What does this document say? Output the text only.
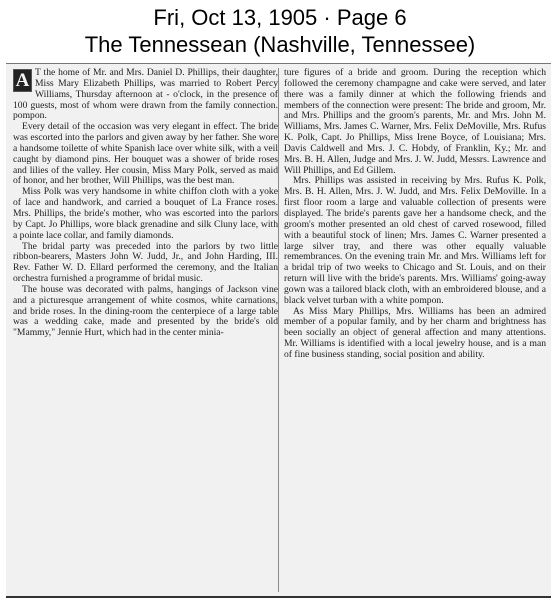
Fri, Oct 13, 1905 · Page 6
The Tennessean (Nashville, Tennessee)

A T the home of Mr. and Mrs. Daniel D. Phillips, their daughter, Miss Mary Elizabeth Phillips, was married to Robert Percy Williams, Thursday afternoon at - o'clock, in the presence of 100 guests, most of whom were drawn from the family connection. pompon.

Every detail of the occasion was very elegant in effect. The bride was escorted into the parlors and given away by her father. She wore a handsome toilette of white Spanish lace over white silk, with a veil caught by diamond pins. Her bouquet was a shower of bride roses and lilies of the valley. Her cousin, Miss Mary Polk, served as maid of honor, and her brother, Will Phillips, was the best man.

Miss Polk was very handsome in white chiffon cloth with a yoke of lace and handwork, and carried a bouquet of La France roses. Mrs. Phillips, the bride's mother, who was escorted into the parlors by Capt. Jo Phillips, wore black grenadine and silk Cluny lace, with a pointe lace collar, and family diamonds.

The bridal party was preceded into the parlors by two little ribbon-bearers, Masters John W. Judd, Jr., and John Harding, III. Rev. Father W. D. Ellard performed the ceremony, and the Italian orchestra furnished a programme of bridal music.

The house was decorated with palms, hangings of Jackson vine and a picturesque arrangement of white cosmos, white carnations, and bride roses. In the dining-room the centerpiece of a large table was a wedding cake, made and presented by the bride's old "Mammy," Jennie Hurt, which had in the center minia-

ture figures of a bride and groom. During the reception which followed the ceremony champagne and cake were served, and later there was a family dinner at which the following friends and members of the connection were present: The bride and groom, Mr. and Mrs. Phillips and the groom's parents, Mr. and Mrs. John M. Williams, Mrs. James C. Warner, Mrs. Felix DeMoville, Mrs. Rufus K. Polk, Capt. Jo Phillips, Miss Irene Boyce, of Louisiana; Mrs. Davis Caldwell and Mrs. J. C. Hobdy, of Franklin, Ky.; Mr. and Mrs. B. H. Allen, Judge and Mrs. J. W. Judd, Messrs. Lawrence and Will Phillips, and Ed Gillem.

Mrs. Phillips was assisted in receiving by Mrs. Rufus K. Polk, Mrs. B. H. Allen, Mrs. J. W. Judd, and Mrs. Felix DeMoville. In a first floor room a large and valuable collection of presents were displayed. The bride's parents gave her a handsome check, and the groom's mother presented an old chest of carved rosewood, filled with a beautiful stock of linen; Mrs. James C. Warner presented a large silver tray, and there was other equally valuable remembrances. On the evening train Mr. and Mrs. Williams left for a bridal trip of two weeks to Chicago and St. Louis, and on their return will live with the bride's parents. Mrs. Williams' going-away gown was a tailored black cloth, with an embroidered blouse, and a black velvet turban with a white pompon.

As Miss Mary Phillips, Mrs. Williams has been an admired member of a popular family, and by her charm and brightness has been socially an object of general affection and many attentions. Mr. Williams is identified with a local jewelry house, and is a man of fine business standing, social position and ability.
